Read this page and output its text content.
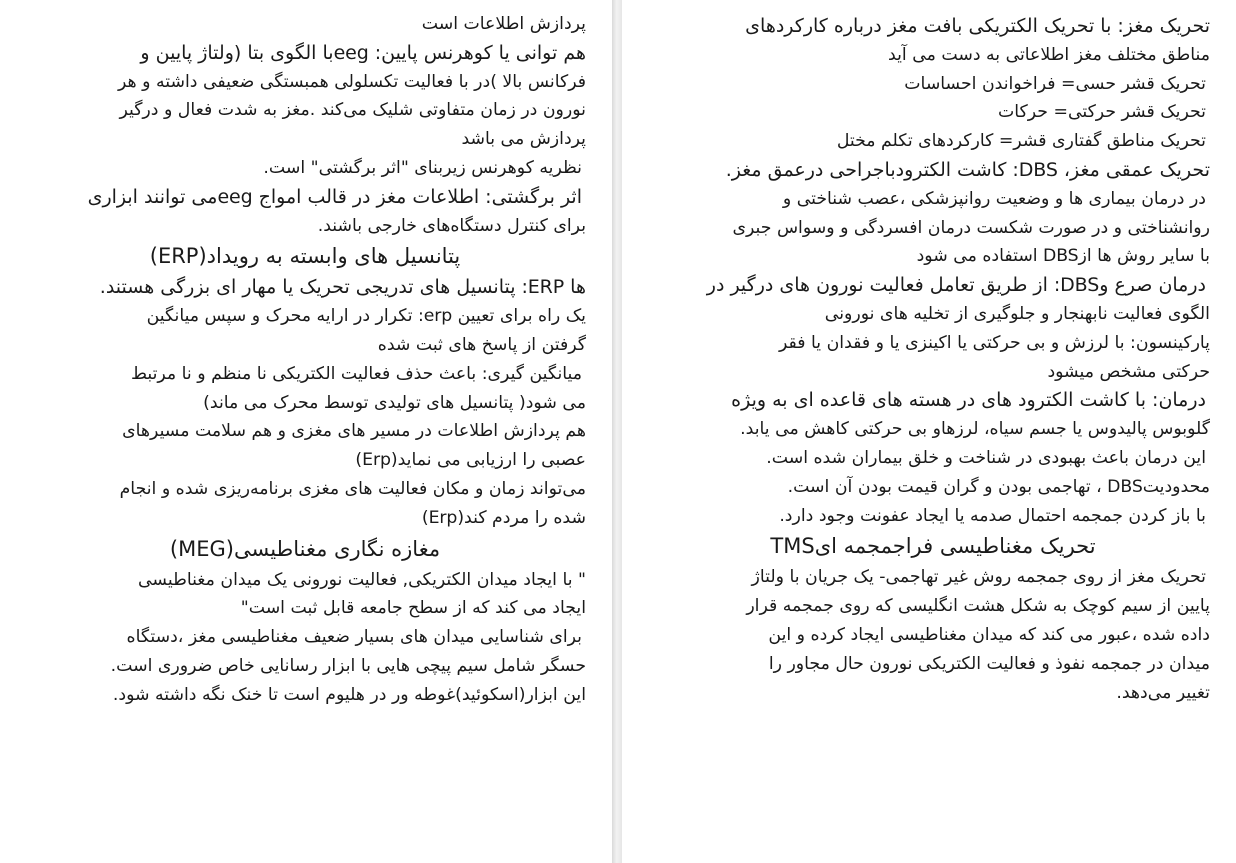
پردازش اطلاعات است

هم توانی یا کوهرنس پایین: eegبا الگوی بتا (ولتاژ پایین و

فرکانس بالا )در با فعالیت تکسلولی همبستگی ضعیفی داشته و هر

نورون در زمان متفاوتی شلیک می‌کند .مغز به شدت فعال و درگیر

پردازش می باشد

نظریه کوهرنس زیربنای "اثر برگشتی" است.

اثر برگشتی: اطلاعات مغز در قالب امواج eegمی توانند ابزاری

برای کنترل دستگاه‌های خارجی باشند.

پتانسیل های وابسته به رویداد(ERP)

ها ERP: پتانسیل های تدریجی تحریک یا مهار ای بزرگی هستند.

یک راه برای تعیین erp: تکرار در ارایه محرک و سپس میانگین

گرفتن از پاسخ های ثبت شده

میانگین گیری: باعث حذف فعالیت الکتریکی نا منظم و نا مرتبط

می شود( پتانسیل های تولیدی توسط محرک می ماند)

هم پردازش اطلاعات در مسیر های مغزی و هم سلامت مسیرهای

عصبی را ارزیابی می نماید(Erp)

می‌تواند زمان و مکان فعالیت های مغزی برنامه‌ریزی شده و انجام

شده را مردم کند(Erp)

مغازه نگاری مغناطیسی(MEG)

" با ایجاد میدان الکتریکی, فعالیت نورونی یک میدان مغناطیسی

ایجاد می کند که از سطح جامعه قابل ثبت است"

برای شناسایی میدان های بسیار ضعیف مغناطیسی مغز ،دستگاه

حسگر شامل سیم پیچی هایی با ابزار رسانایی خاص ضروری است.

این ابزار(اسکوئید)غوطه ور در هلیوم است تا خنک نگه داشته شود.

تحریک مغز: با تحریک الکتریکی بافت مغز درباره کارکردهای

مناطق مختلف مغز اطلاعاتی به دست می آید

تحریک قشر حسی= فراخواندن احساسات

تحریک قشر حرکتی= حرکات

تحریک مناطق گفتاری قشر= کارکردهای تکلم مختل

تحریک عمقی مغز، DBS: کاشت الکترودباجراحی درعمق مغز.

در درمان بیماری ها و وضعیت روانپزشکی ،عصب شناختی و

روانشناختی و در صورت شکست درمان افسردگی و وسواس جبری

با سایر روش ها ازDBS استفاده می شود

درمان صرع وDBS: از طریق تعامل فعالیت نورون های درگیر در

الگوی فعالیت نابهنجار و جلوگیری از تخلیه های نورونی

پارکینسون: با لرزش و بی حرکتی یا اکینزی یا و فقدان یا فقر

حرکتی مشخص میشود

درمان: با کاشت الکترود های در هسته های قاعده ای به ویژه

گلوبوس پالیدوس یا جسم سیاه، لرزهاو بی حرکتی کاهش می یابد.

این درمان باعث بهبودی در شناخت و خلق بیماران شده است.

محدودیتDBS ، تهاجمی بودن و گران قیمت بودن آن است.

با باز کردن جمجمه احتمال صدمه یا ایجاد عفونت وجود دارد.

تحریک مغناطیسی فراجمجمه ایTMS

تحریک مغز از روی جمجمه روش غیر تهاجمی- یک جریان با ولتاژ

پایین از سیم کوچک به شکل هشت انگلیسی که روی جمجمه قرار

داده شده ،عبور می کند که میدان مغناطیسی ایجاد کرده و این

میدان در جمجمه نفوذ و فعالیت الکتریکی نورون حال مجاور را

تغییر می‌دهد.
